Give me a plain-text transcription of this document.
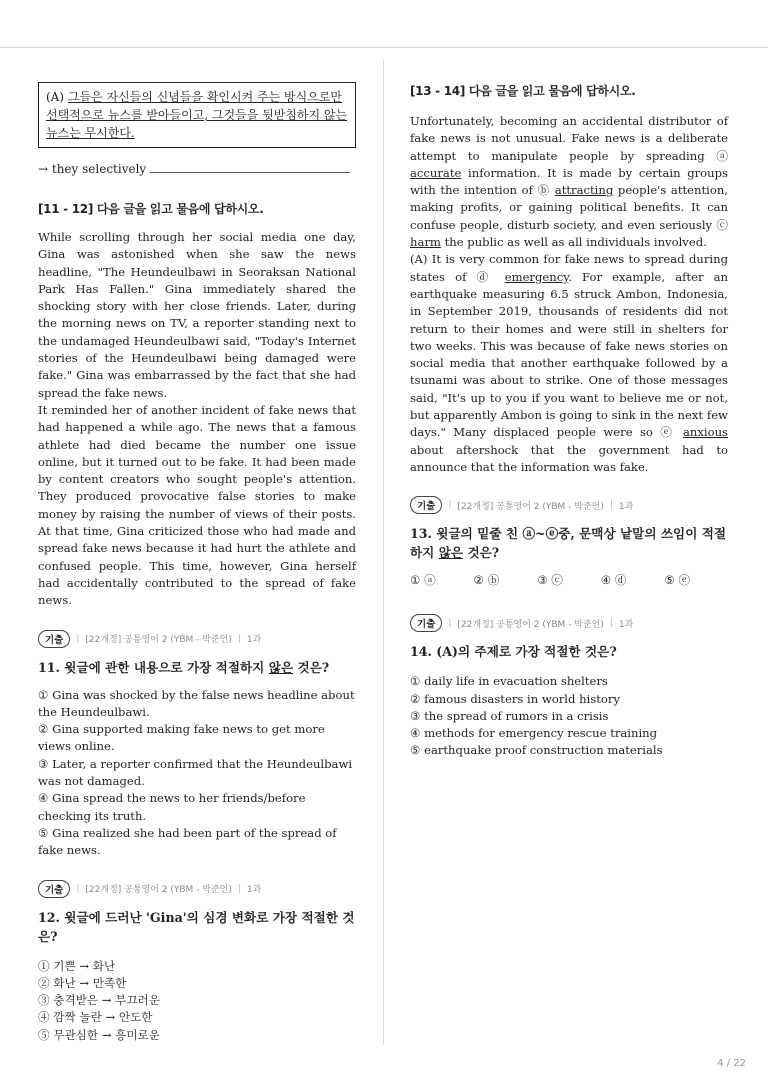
(A) 그들은 자신들의 신념들을 확인시켜 주는 방식으로만 선택적으로 뉴스를 받아들이고, 그것들을 뒷받침하지 않는 뉴스는 무시한다.
→ they selectively
[11 - 12] 다음 글을 읽고 물음에 답하시오.

While scrolling through her social media one day, Gina was astonished when she saw the news headline, "The Heundeulbawi in Seoraksan National Park Has Fallen." Gina immediately shared the shocking story with her close friends. Later, during the morning news on TV, a reporter standing next to the undamaged Heundeulbawi said, "Today's Internet stories of the Heundeulbawi being damaged were fake." Gina was embarrassed by the fact that she had spread the fake news.

It reminded her of another incident of fake news that had happened a while ago. The news that a famous athlete had died became the number one issue online, but it turned out to be fake. It had been made by content creators who sought people's attention. They produced provocative false stories to make money by raising the number of views of their posts. At that time, Gina criticized those who had made and spread fake news because it had hurt the athlete and confused people. This time, however, Gina herself had accidentally contributed to the spread of fake news.

기출	| [22개정] 공통영어 2 (YBM - 박준언) | 1과
11. 윗글에 관한 내용으로 가장 적절하지 않은 것은?
① Gina was shocked by the false news headline about the Heundeulbawi.
② Gina supported making fake news to get more views online.
③ Later, a reporter confirmed that the Heundeulbawi was not damaged.
④ Gina spread the news to her friends/before checking its truth.
⑤ Gina realized she had been part of the spread of fake news.
기출	| [22개정] 공통영어 2 (YBM - 박준언) | 1과
12. 윗글에 드러난 'Gina'의 심경 변화로 가장 적절한 것은?
① 기쁜 → 화난
② 화난 → 만족한
③ 충격받은 → 부끄러운
④ 깜짝 놀란 → 안도한
⑤ 무관심한 → 흥미로운
[13 - 14] 다음 글을 읽고 물음에 답하시오.

Unfortunately, becoming an accidental distributor of fake news is not unusual. Fake news is a deliberate attempt to manipulate people by spreading ⓐ accurate information. It is made by certain groups with the intention of ⓑ attracting people's attention, making profits, or gaining political benefits. It can confuse people, disturb society, and even seriously ⓒ harm the public as well as all individuals involved.

(A) It is very common for fake news to spread during states of ⓓ emergency. For example, after an earthquake measuring 6.5 struck Ambon, Indonesia, in September 2019, thousands of residents did not return to their homes and were still in shelters for two weeks. This was because of fake news stories on social media that another earthquake followed by a tsunami was about to strike. One of those messages said, "It's up to you if you want to believe me or not, but apparently Ambon is going to sink in the next few days." Many displaced people were so ⓔ anxious about aftershock that the government had to announce that the information was fake.

기출	| [22개정] 공통영어 2 (YBM - 박준언) | 1과
13. 윗글의 밑줄 친 ⓐ~ⓔ중, 문맥상 낱말의 쓰임이 적절하지 않은 것은?
① ⓐ	② ⓑ	③ ⓒ	④ ⓓ	⑤ ⓔ
기출	| [22개정] 공통영어 2 (YBM - 박준언) | 1과
14. (A)의 주제로 가장 적절한 것은?
① daily life in evacuation shelters
② famous disasters in world history
③ the spread of rumors in a crisis
④ methods for emergency rescue training
⑤ earthquake proof construction materials
4 / 22
